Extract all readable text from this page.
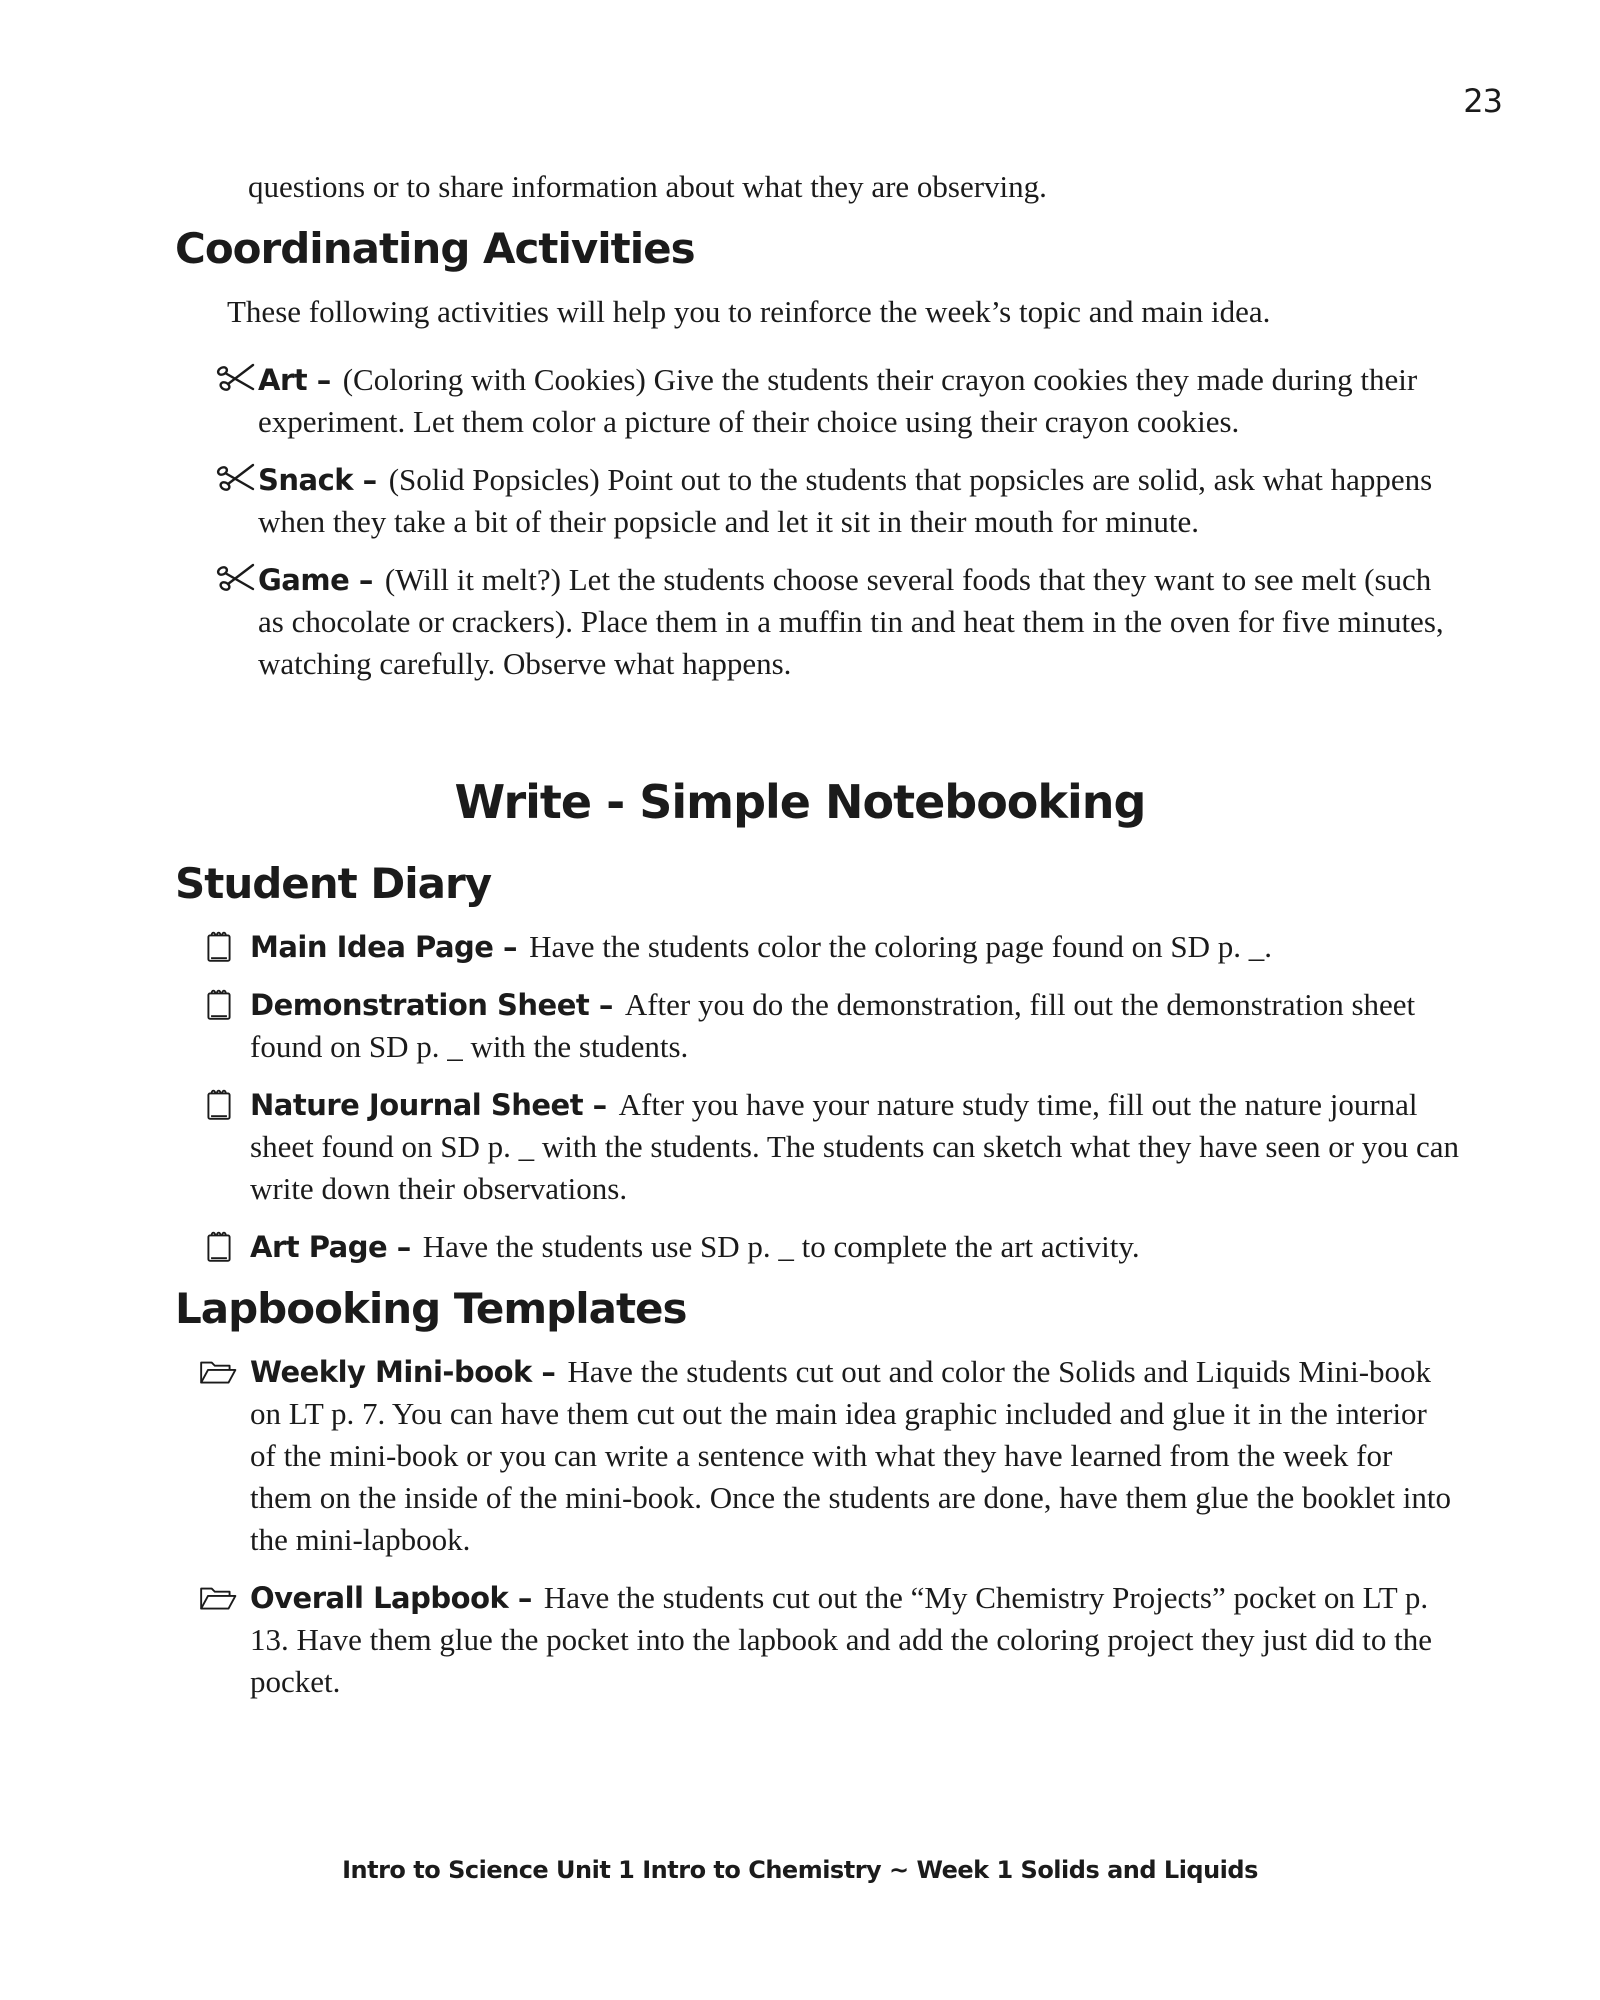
23

questions or to share information about what they are observing.

Coordinating Activities

These following activities will help you to reinforce the week’s topic and main idea.

Art – (Coloring with Cookies) Give the students their crayon cookies they made during their experiment. Let them color a picture of their choice using their crayon cookies.
Snack – (Solid Popsicles) Point out to the students that popsicles are solid, ask what happens when they take a bit of their popsicle and let it sit in their mouth for minute.
Game – (Will it melt?) Let the students choose several foods that they want to see melt (such as chocolate or crackers). Place them in a muffin tin and heat them in the oven for five minutes, watching carefully. Observe what happens.
Write - Simple Notebooking
Student Diary
Main Idea Page – Have the students color the coloring page found on SD p. _.
Demonstration Sheet – After you do the demonstration, fill out the demonstration sheet found on SD p. _ with the students.
Nature Journal Sheet – After you have your nature study time, fill out the nature journal sheet found on SD p. _ with the students. The students can sketch what they have seen or you can write down their observations.
Art Page – Have the students use SD p. _ to complete the art activity.
Lapbooking Templates
Weekly Mini-book – Have the students cut out and color the Solids and Liquids Mini-book on LT p. 7. You can have them cut out the main idea graphic included and glue it in the interior of the mini-book or you can write a sentence with what they have learned from the week for them on the inside of the mini-book. Once the students are done, have them glue the booklet into the mini-lapbook.
Overall Lapbook – Have the students cut out the “My Chemistry Projects” pocket on LT p. 13. Have them glue the pocket into the lapbook and add the coloring project they just did to the pocket.
Intro to Science Unit 1 Intro to Chemistry ~ Week 1 Solids and Liquids
